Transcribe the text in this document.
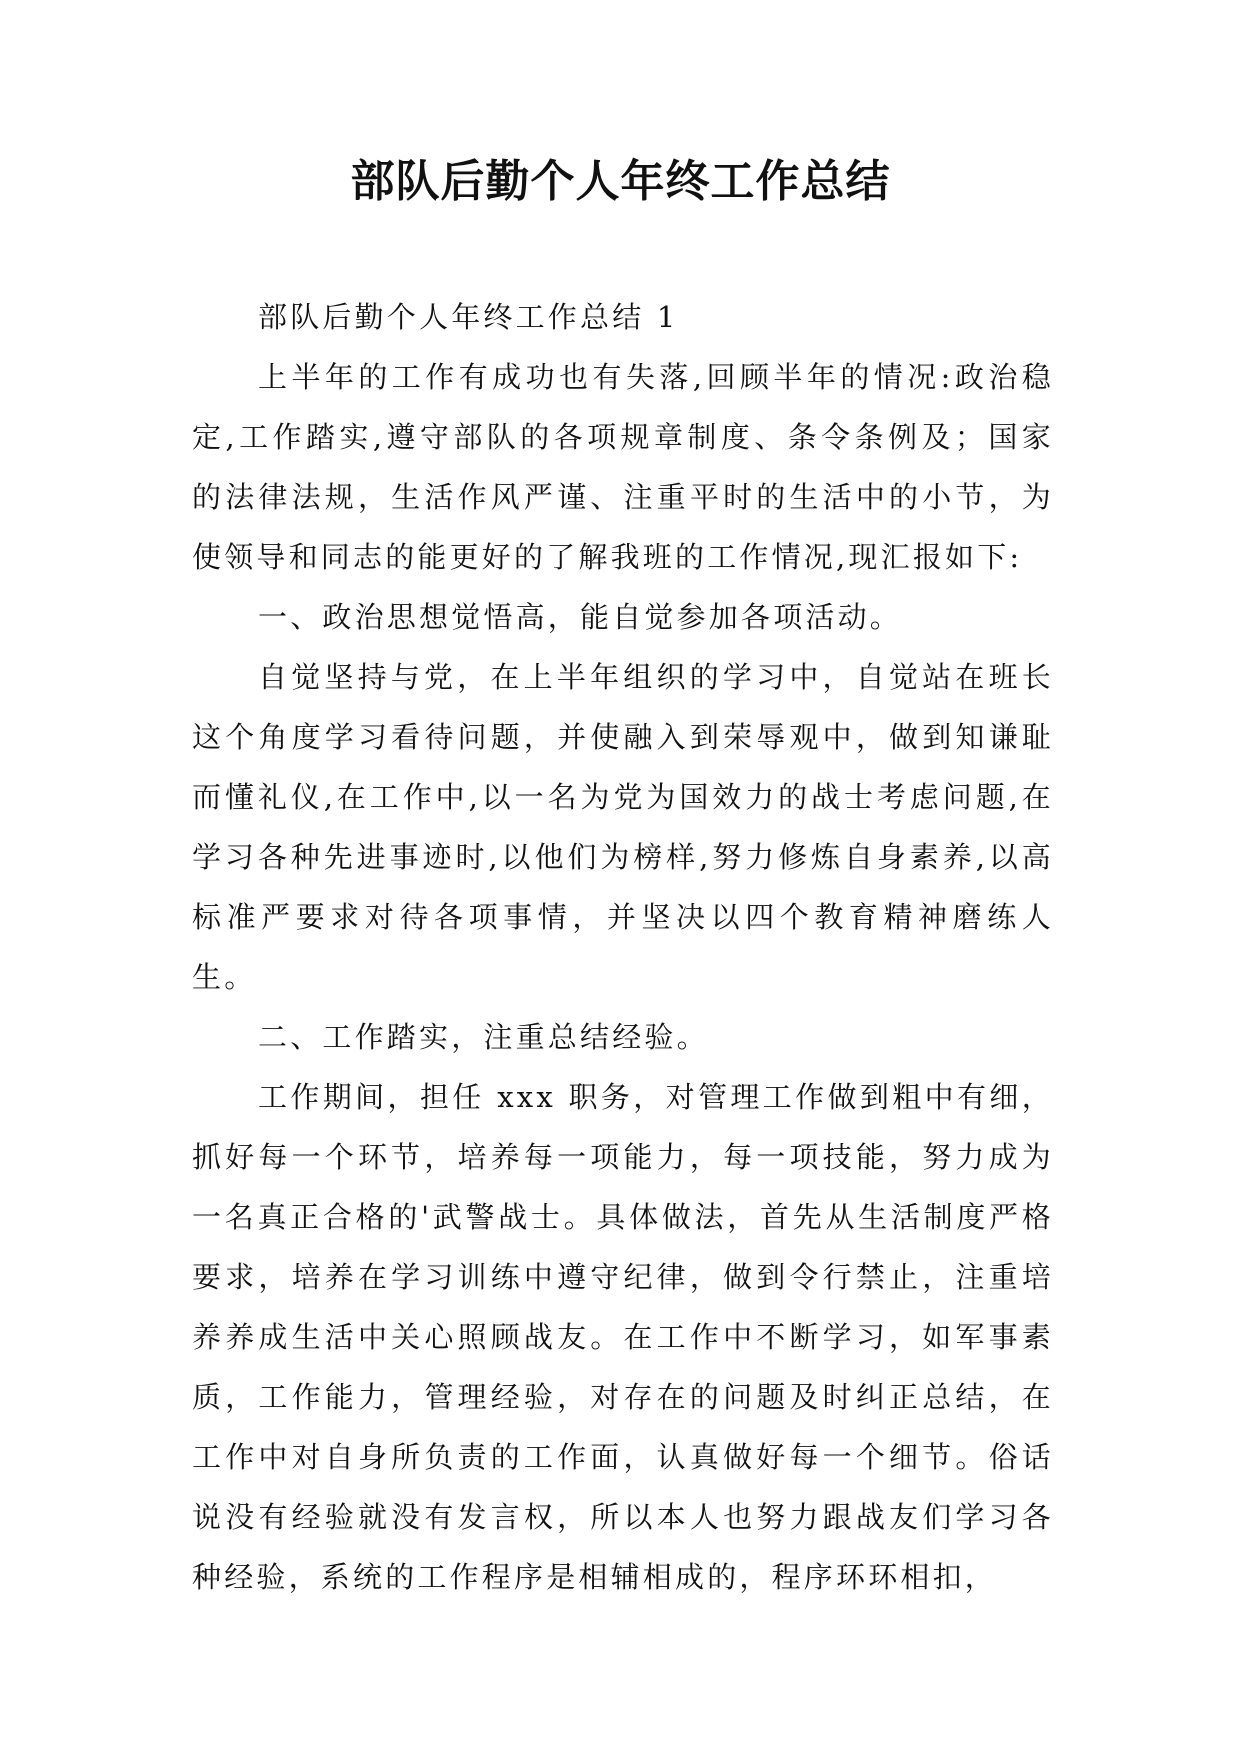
部队后勤个人年终工作总结

部队后勤个人年终工作总结 1

上半年的工作有成功也有失落,回顾半年的情况:政治稳定,工作踏实,遵守部队的各项规章制度、条令条例及；国家的法律法规，生活作风严谨、注重平时的生活中的小节，为使领导和同志的能更好的了解我班的工作情况,现汇报如下:

一、政治思想觉悟高，能自觉参加各项活动。

自觉坚持与党，在上半年组织的学习中，自觉站在班长这个角度学习看待问题，并使融入到荣辱观中，做到知谦耻而懂礼仪,在工作中,以一名为党为国效力的战士考虑问题,在学习各种先进事迹时,以他们为榜样,努力修炼自身素养,以高标准严要求对待各项事情，并坚决以四个教育精神磨练人生。

二、工作踏实，注重总结经验。

工作期间，担任 xxx 职务，对管理工作做到粗中有细，抓好每一个环节，培养每一项能力，每一项技能，努力成为一名真正合格的'武警战士。具体做法，首先从生活制度严格要求，培养在学习训练中遵守纪律，做到令行禁止，注重培养养成生活中关心照顾战友。在工作中不断学习，如军事素质，工作能力，管理经验，对存在的问题及时纠正总结，在工作中对自身所负责的工作面，认真做好每一个细节。俗话说没有经验就没有发言权，所以本人也努力跟战友们学习各种经验，系统的工作程序是相辅相成的，程序环环相扣，
